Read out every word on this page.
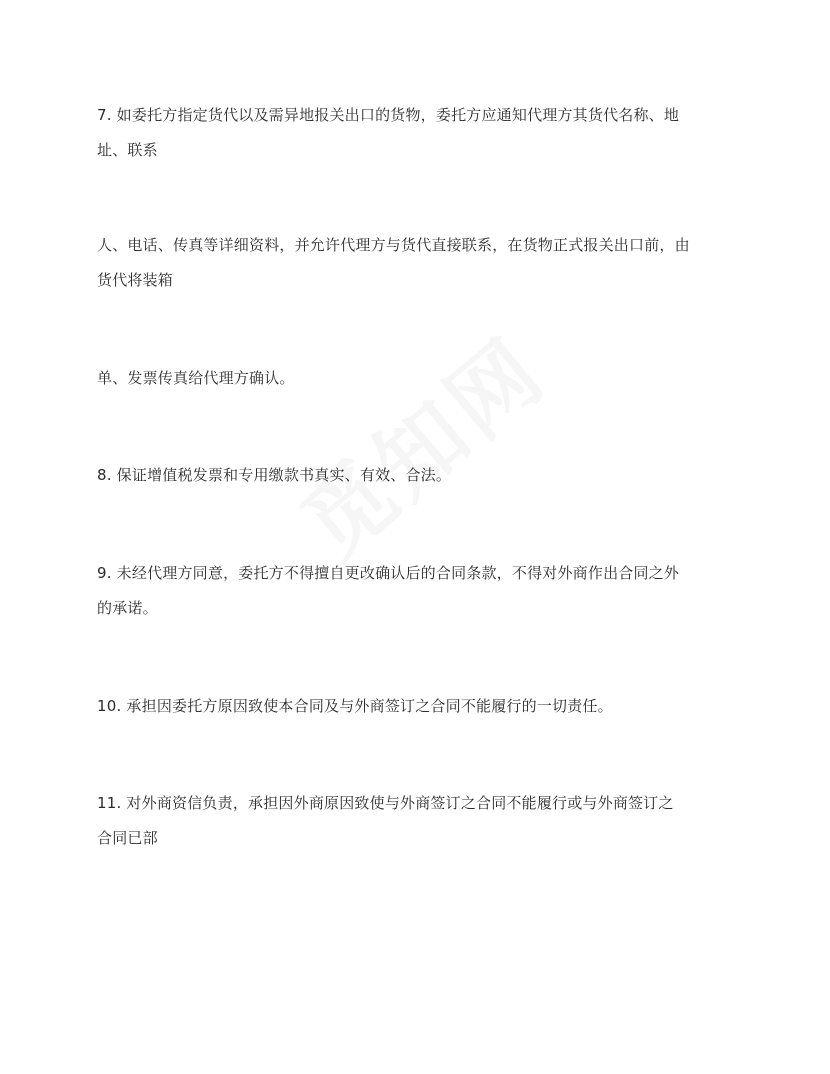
7. 如委托方指定货代以及需异地报关出口的货物，委托方应通知代理方其货代名称、地
址、联系

人、电话、传真等详细资料，并允许代理方与货代直接联系，在货物正式报关出口前，由
货代将装箱

单、发票传真给代理方确认。

8. 保证增值税发票和专用缴款书真实、有效、合法。

9. 未经代理方同意，委托方不得擅自更改确认后的合同条款，不得对外商作出合同之外
的承诺。

10. 承担因委托方原因致使本合同及与外商签订之合同不能履行的一切责任。

11. 对外商资信负责，承担因外商原因致使与外商签订之合同不能履行或与外商签订之
合同已部
